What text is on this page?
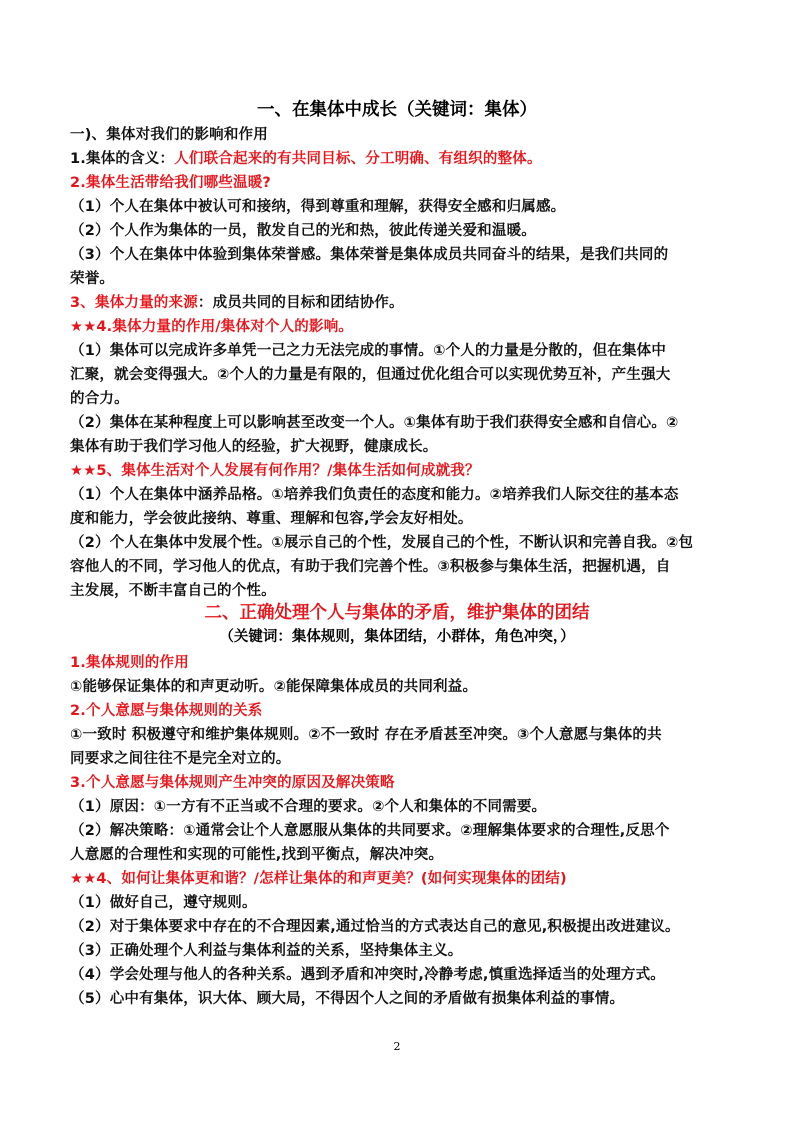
一、在集体中成长（关键词：集体）
一)、集体对我们的影响和作用
1.集体的含义：人们联合起来的有共同目标、分工明确、有组织的整体。
2.集体生活带给我们哪些温暖?
（1）个人在集体中被认可和接纳，得到尊重和理解，获得安全感和归属感。
（2）个人作为集体的一员，散发自己的光和热，彼此传递关爱和温暖。
（3）个人在集体中体验到集体荣誉感。集体荣誉是集体成员共同奋斗的结果，是我们共同的
荣誉。
3、集体力量的来源：成员共同的目标和团结协作。
★★4.集体力量的作用/集体对个人的影响。
（1）集体可以完成许多单凭一己之力无法完成的事情。①个人的力量是分散的，但在集体中
汇聚，就会变得强大。②个人的力量是有限的，但通过优化组合可以实现优势互补，产生强大
的合力。
（2）集体在某种程度上可以影响甚至改变一个人。①集体有助于我们获得安全感和自信心。②
集体有助于我们学习他人的经验，扩大视野，健康成长。
★★5、集体生活对个人发展有何作用？/集体生活如何成就我？
（1）个人在集体中涵养品格。①培养我们负责任的态度和能力。②培养我们人际交往的基本态
度和能力，学会彼此接纳、尊重、理解和包容,学会友好相处。
（2）个人在集体中发展个性。①展示自己的个性，发展自己的个性，不断认识和完善自我。②包
容他人的不同，学习他人的优点，有助于我们完善个性。③积极参与集体生活，把握机遇，自
主发展，不断丰富自己的个性。
二、正确处理个人与集体的矛盾，维护集体的团结
（关键词：集体规则，集体团结，小群体，角色冲突，）
1.集体规则的作用
①能够保证集体的和声更动听。②能保障集体成员的共同利益。
2.个人意愿与集体规则的关系
①一致时 积极遵守和维护集体规则。②不一致时 存在矛盾甚至冲突。③个人意愿与集体的共
同要求之间往往不是完全对立的。
3.个人意愿与集体规则产生冲突的原因及解决策略
（1）原因：①一方有不正当或不合理的要求。②个人和集体的不同需要。
（2）解决策略：①通常会让个人意愿服从集体的共同要求。②理解集体要求的合理性,反思个
人意愿的合理性和实现的可能性,找到平衡点，解决冲突。
★★4、如何让集体更和谐？/怎样让集体的和声更美？(如何实现集体的团结)
（1）做好自己，遵守规则。
（2）对于集体要求中存在的不合理因素,通过恰当的方式表达自己的意见,积极提出改进建议。
（3）正确处理个人利益与集体利益的关系，坚持集体主义。
（4）学会处理与他人的各种关系。遇到矛盾和冲突时,冷静考虑,慎重选择适当的处理方式。
（5）心中有集体，识大体、顾大局，不得因个人之间的矛盾做有损集体利益的事情。
2
